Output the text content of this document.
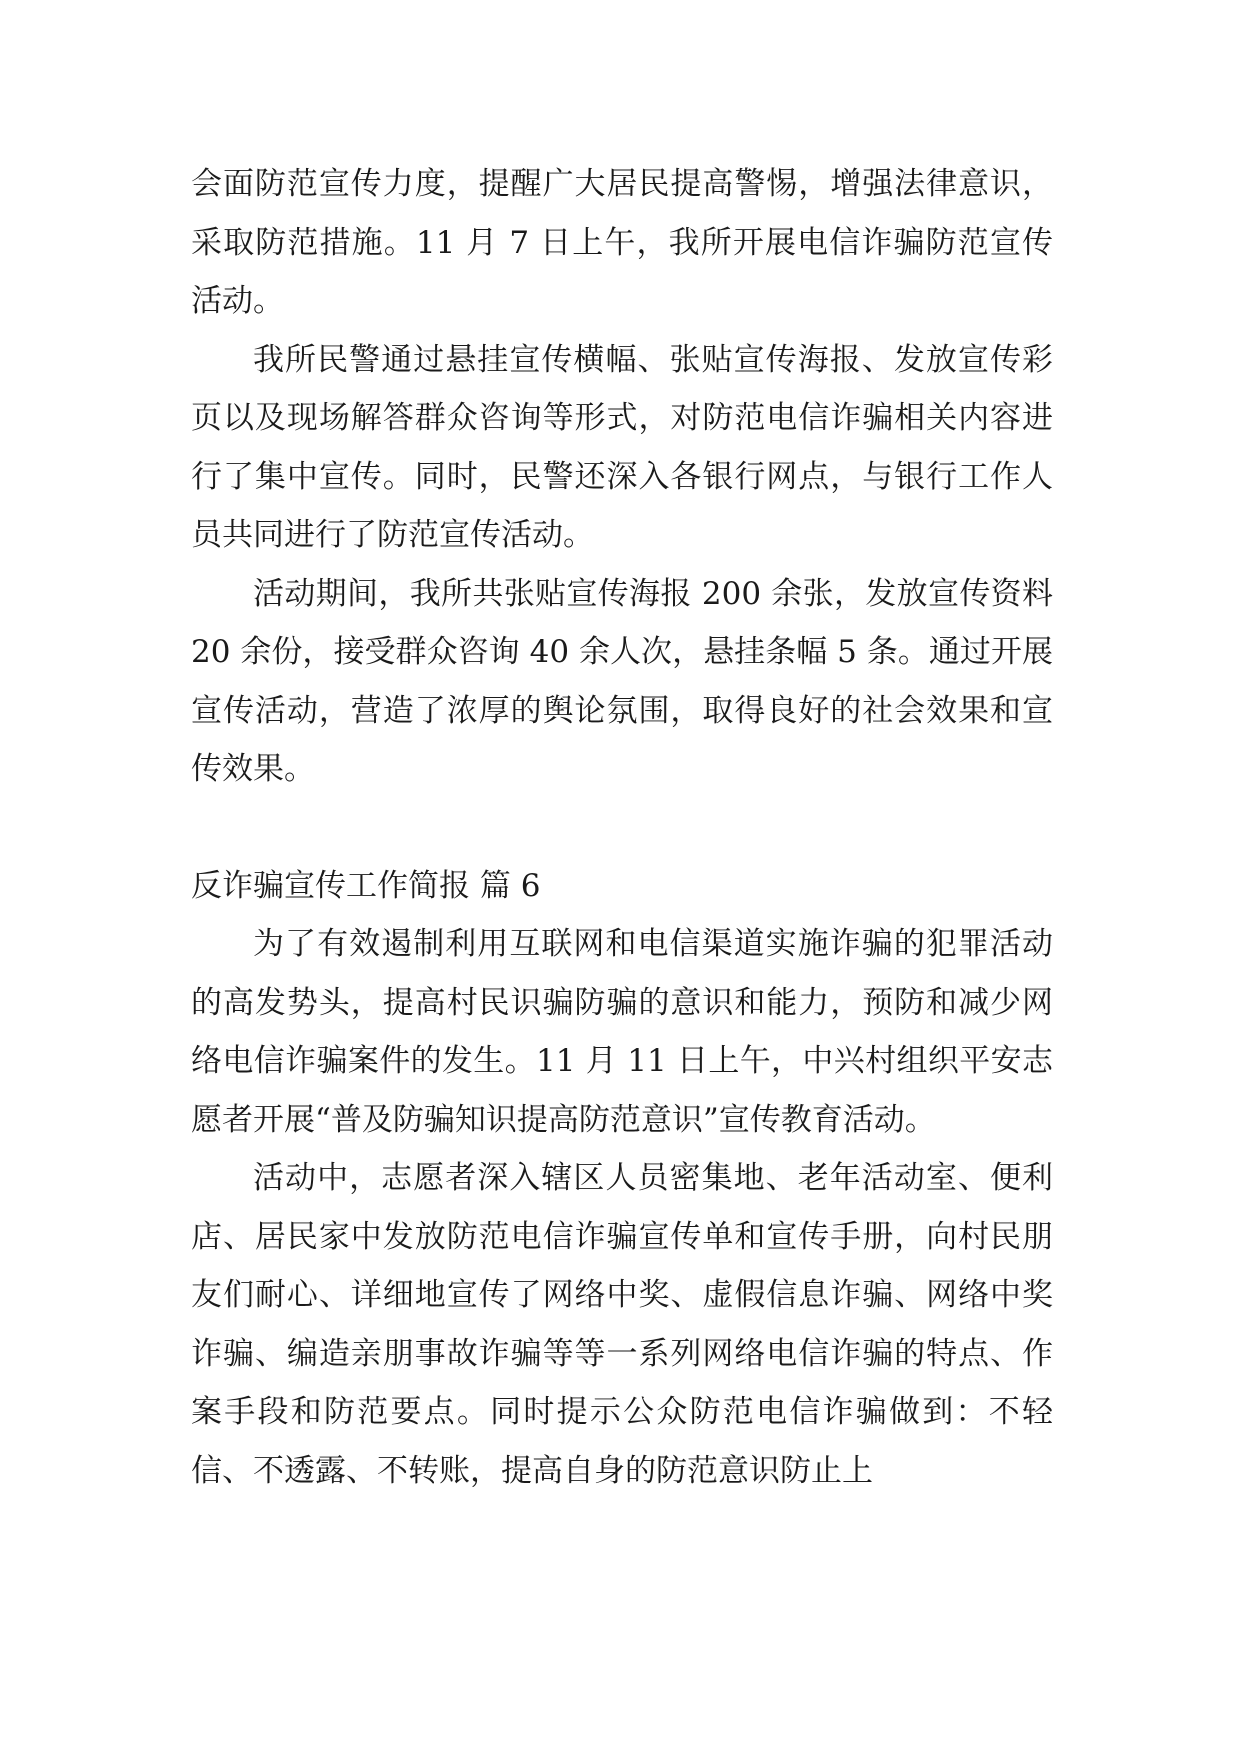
会面防范宣传力度，提醒广大居民提高警惕，增强法律意识，采取防范措施。11 月 7 日上午，我所开展电信诈骗防范宣传活动。

我所民警通过悬挂宣传横幅、张贴宣传海报、发放宣传彩页以及现场解答群众咨询等形式，对防范电信诈骗相关内容进行了集中宣传。同时，民警还深入各银行网点，与银行工作人员共同进行了防范宣传活动。

活动期间，我所共张贴宣传海报 200 余张，发放宣传资料 20 余份，接受群众咨询 40 余人次，悬挂条幅 5 条。通过开展宣传活动，营造了浓厚的舆论氛围，取得良好的社会效果和宣传效果。

反诈骗宣传工作简报 篇 6

为了有效遏制利用互联网和电信渠道实施诈骗的犯罪活动的高发势头，提高村民识骗防骗的意识和能力，预防和减少网络电信诈骗案件的发生。11 月 11 日上午，中兴村组织平安志愿者开展“普及防骗知识提高防范意识”宣传教育活动。

活动中，志愿者深入辖区人员密集地、老年活动室、便利店、居民家中发放防范电信诈骗宣传单和宣传手册，向村民朋友们耐心、详细地宣传了网络中奖、虚假信息诈骗、网络中奖诈骗、编造亲朋事故诈骗等等一系列网络电信诈骗的特点、作案手段和防范要点。同时提示公众防范电信诈骗做到：不轻信、不透露、不转账，提高自身的防范意识防止上
